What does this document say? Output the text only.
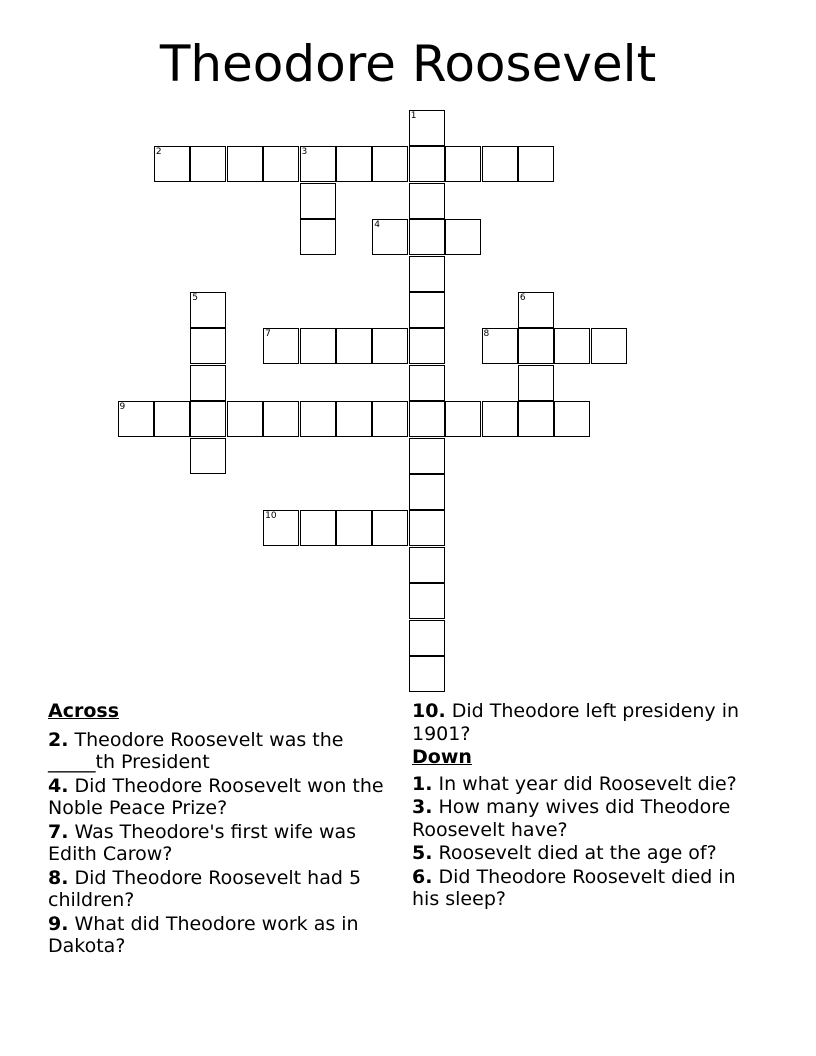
Theodore Roosevelt
1
2	3
4
5	6
7	8
9
10
Across
2. Theodore Roosevelt was the _____th President
4. Did Theodore Roosevelt won the Noble Peace Prize?
7. Was Theodore's first wife was Edith Carow?
8. Did Theodore Roosevelt had 5 children?
9. What did Theodore work as in Dakota?
10. Did Theodore left presideny in 1901?
Down
1. In what year did Roosevelt die?
3. How many wives did Theodore Roosevelt have?
5. Roosevelt died at the age of?
6. Did Theodore Roosevelt died in his sleep?
